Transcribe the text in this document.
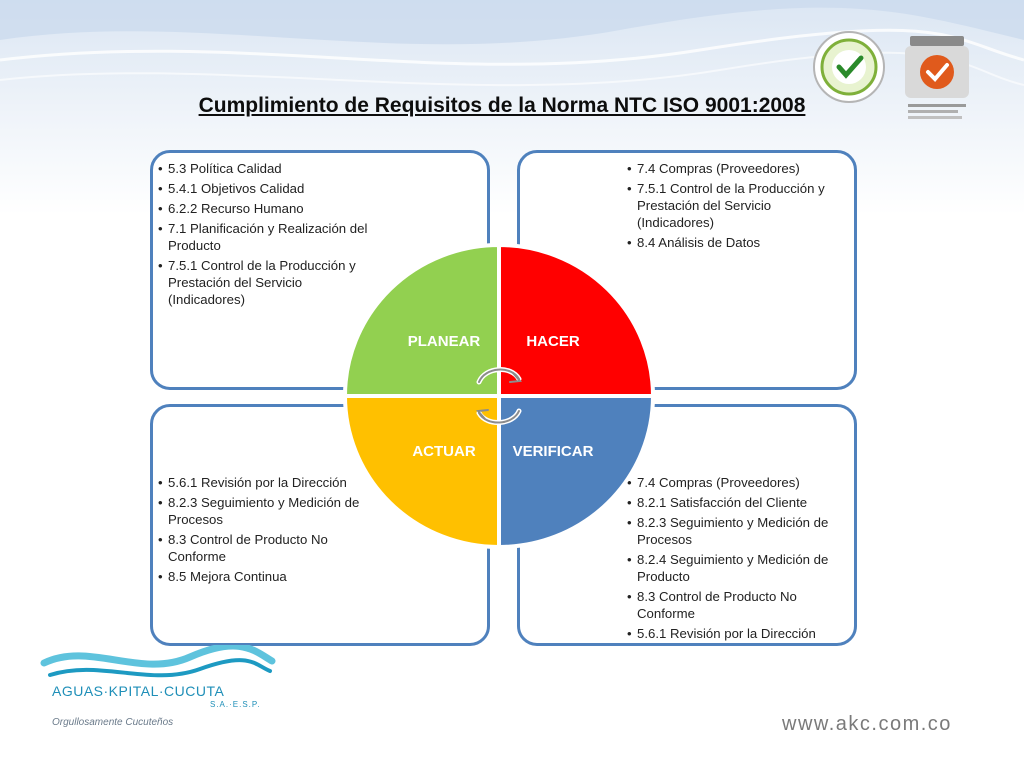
Cumplimiento de Requisitos de la Norma NTC ISO 9001:2008
• 5.3 Política Calidad
• 5.4.1 Objetivos Calidad
• 6.2.2 Recurso Humano
• 7.1 Planificación y Realización del Producto
• 7.5.1 Control de la Producción y Prestación del Servicio (Indicadores)
• 7.4 Compras (Proveedores)
• 7.5.1 Control de la Producción y Prestación del Servicio (Indicadores)
• 8.4 Análisis de Datos
• 5.6.1 Revisión por la Dirección
• 8.2.3 Seguimiento y Medición de Procesos
• 8.3 Control de Producto No Conforme
• 8.5 Mejora Continua
• 7.4 Compras (Proveedores)
• 8.2.1 Satisfacción del Cliente
• 8.2.3 Seguimiento y Medición de Procesos
• 8.2.4 Seguimiento y Medición de Producto
• 8.3 Control de Producto No Conforme
• 5.6.1 Revisión por la Dirección
PLANEAR	HACER
ACTUAR VERIFICAR
AGUAS·KPITAL·CUCUTA
S.A.·E.S.P.
Orgullosamente Cucuteños	www.akc.com.co
